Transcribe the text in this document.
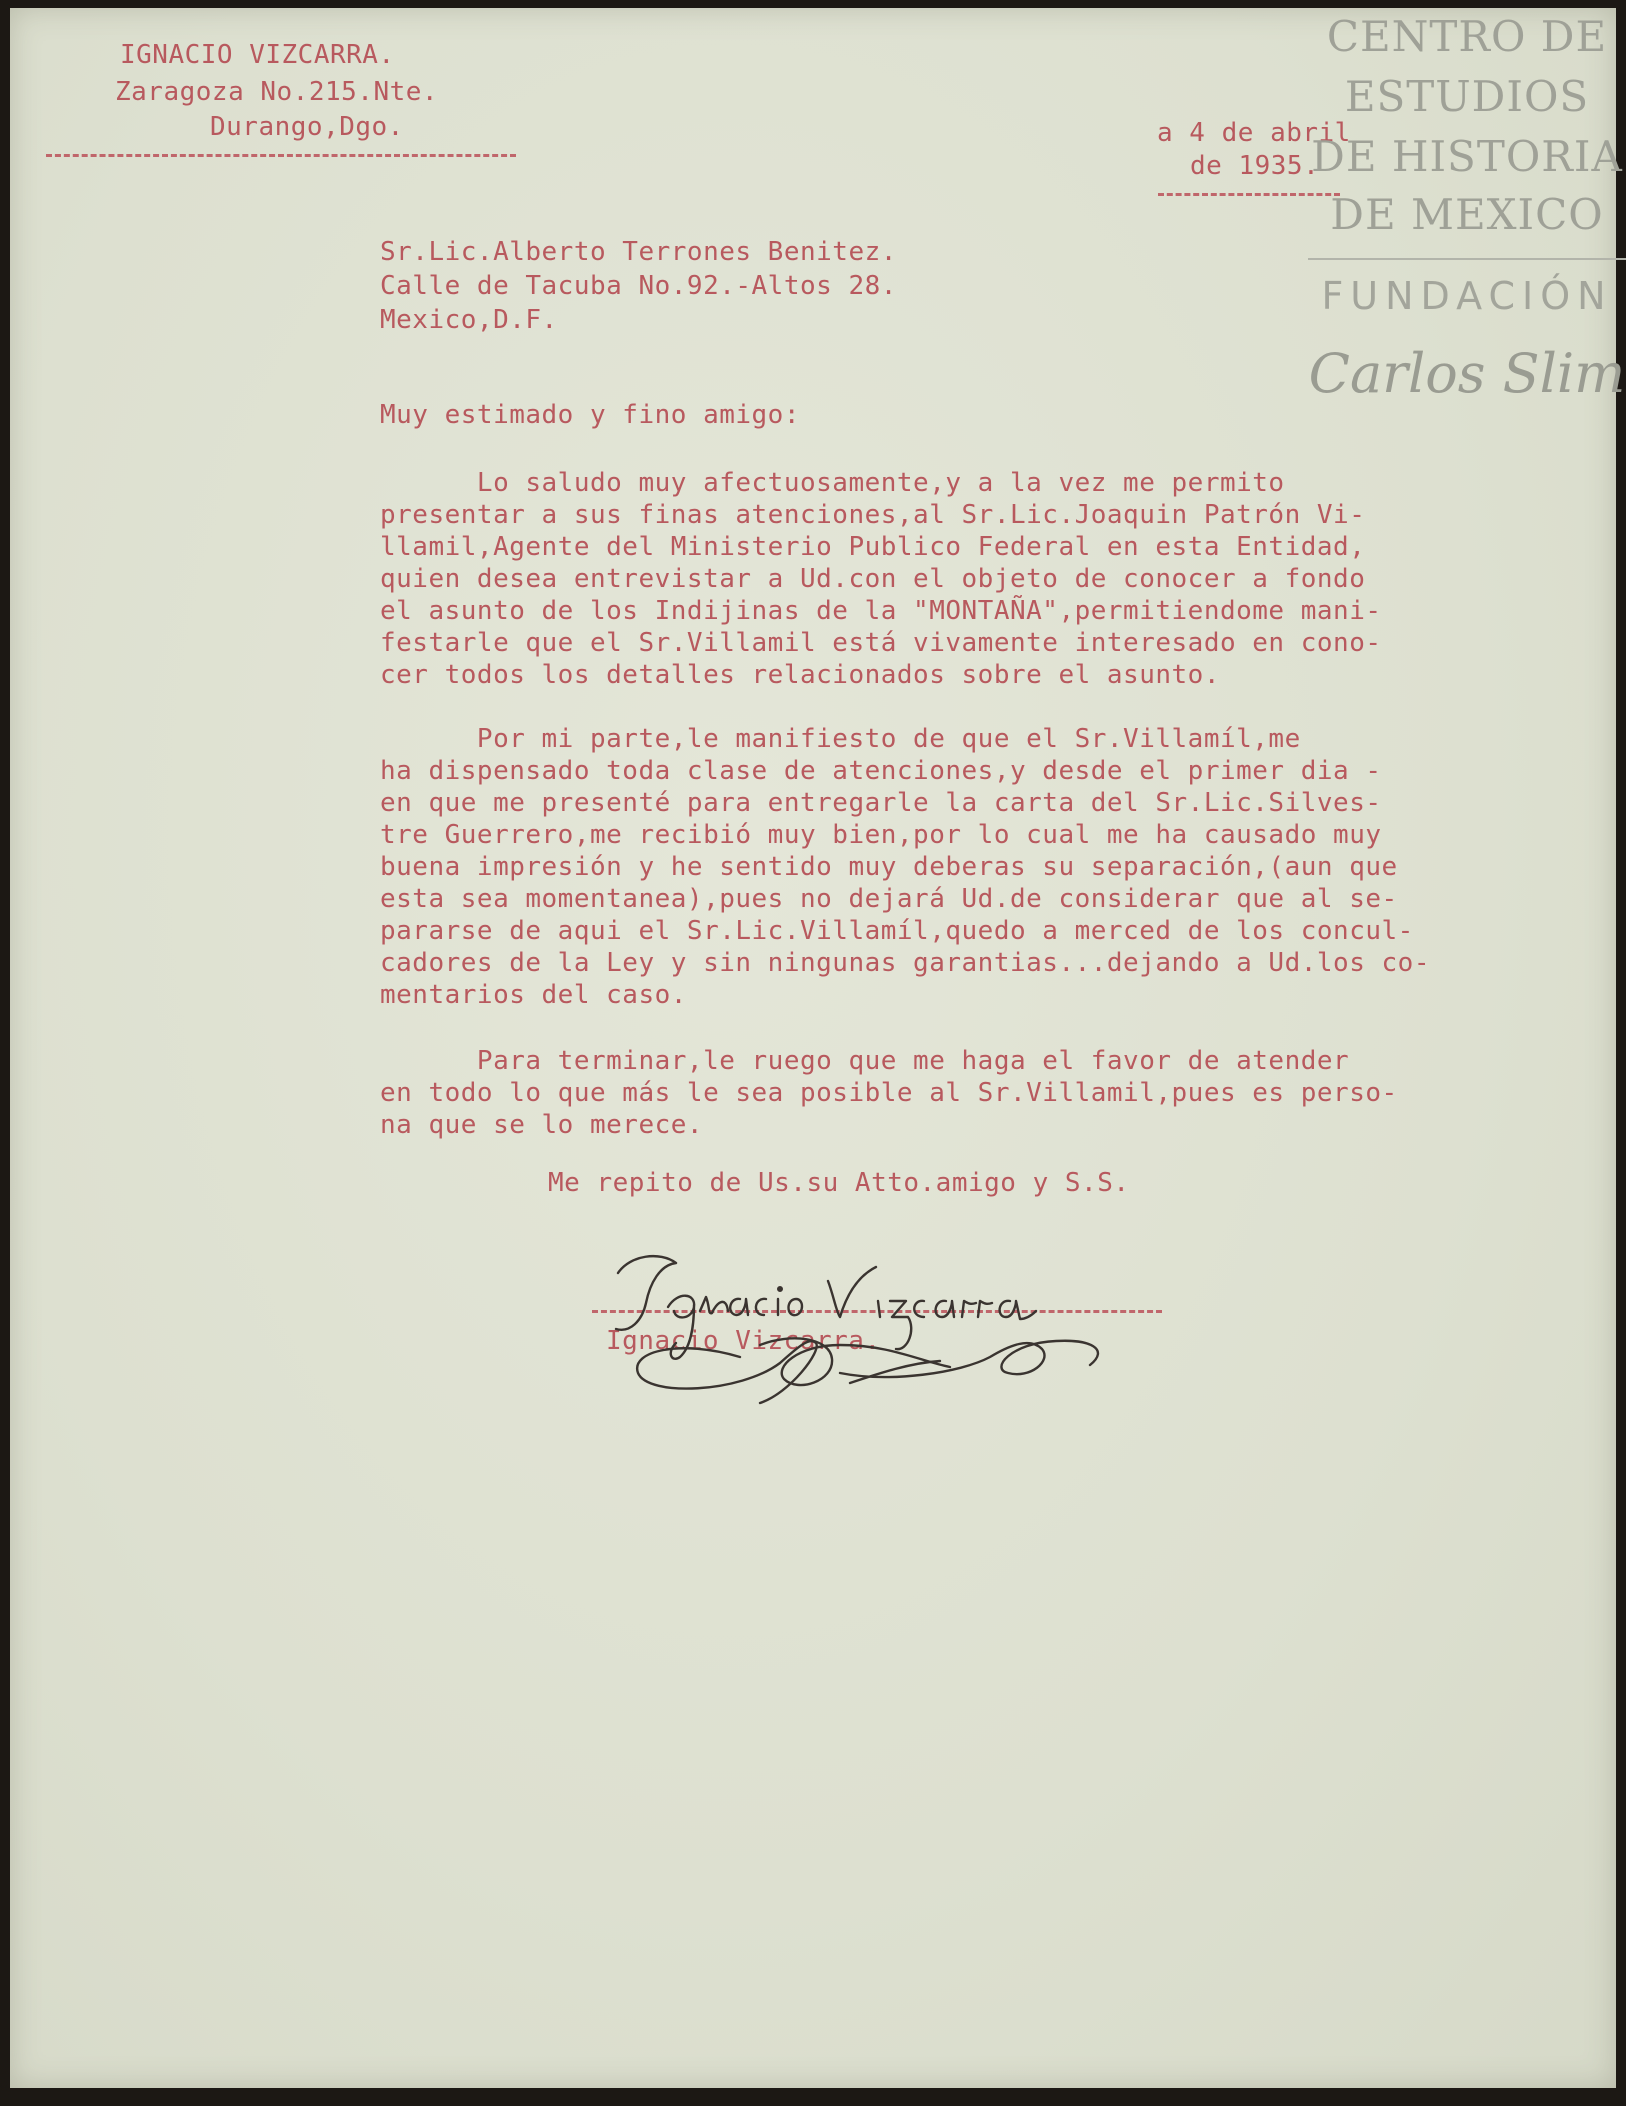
IGNACIO VIZCARRA.

Zaragoza No.215.Nte.

Durango,Dgo.	a 4 de abril

de 1935.

Sr.Lic.Alberto Terrones Benitez.

Calle de Tacuba No.92.-Altos 28.

Mexico,D.F.

Muy estimado y fino amigo:

Lo saludo muy afectuosamente,y a la vez me permito

presentar a sus finas atenciones,al Sr.Lic.Joaquin Patrón Vi-

llamil,Agente del Ministerio Publico Federal en esta Entidad,

quien desea entrevistar a Ud.con el objeto de conocer a fondo

el asunto de los Indijinas de la "MONTAÑA",permitiendome mani-

festarle que el Sr.Villamil está vivamente interesado en cono-

cer todos los detalles relacionados sobre el asunto.

Por mi parte,le manifiesto de que el Sr.Villamíl,me

ha dispensado toda clase de atenciones,y desde el primer dia -

en que me presenté para entregarle la carta del Sr.Lic.Silves-

tre Guerrero,me recibió muy bien,por lo cual me ha causado muy

buena impresión y he sentido muy deberas su separación,(aun que

esta sea momentanea),pues no dejará Ud.de considerar que al se-

pararse de aqui el Sr.Lic.Villamíl,quedo a merced de los concul-

cadores de la Ley y sin ningunas garantias...dejando a Ud.los co-

mentarios del caso.

Para terminar,le ruego que me haga el favor de atender

en todo lo que más le sea posible al Sr.Villamil,pues es perso-

na que se lo merece.

Me repito de Us.su Atto.amigo y S.S.

Ignacio Vizcarra.

CENTRO DE
ESTUDIOS
DE HISTORIA
DE MEXICO
FUNDACIÓN
Carlos Slim
